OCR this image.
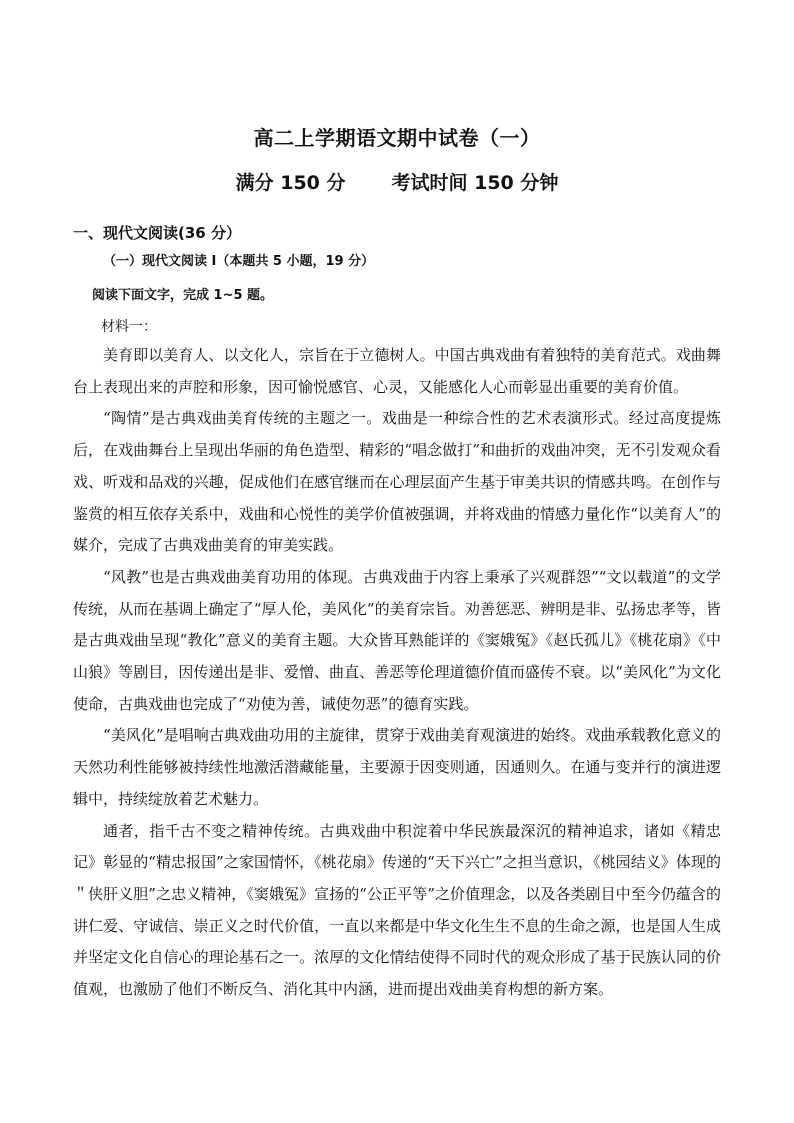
高二上学期语文期中试卷（一）
满分 150 分 考试时间 150 分钟
一、现代文阅读(36 分）
（一）现代文阅读 I（本题共 5 小题，19 分）
阅读下面文字，完成 1~5 题。
材料一：

美育即以美育人、以文化人，宗旨在于立德树人。中国古典戏曲有着独特的美育范式。戏曲舞台上表现出来的声腔和形象，因可愉悦感官、心灵，又能感化人心而彰显出重要的美育价值。

“陶情”是古典戏曲美育传统的主题之一。戏曲是一种综合性的艺术表演形式。经过高度提炼后，在戏曲舞台上呈现出华丽的角色造型、精彩的“唱念做打”和曲折的戏曲冲突，无不引发观众看戏、听戏和品戏的兴趣，促成他们在感官继而在心理层面产生基于审美共识的情感共鸣。在创作与鉴赏的相互依存关系中，戏曲和心悦性的美学价值被强调，并将戏曲的情感力量化作“以美育人”的媒介，完成了古典戏曲美育的审美实践。

“风教”也是古典戏曲美育功用的体现。古典戏曲于内容上秉承了兴观群怨”“文以载道”的文学传统，从而在基调上确定了“厚人伦，美风化”的美育宗旨。劝善惩恶、辨明是非、弘扬忠孝等，皆是古典戏曲呈现“教化”意义的美育主题。大众皆耳熟能详的《窦娥冤》《赵氏孤儿》《桃花扇》《中山狼》等剧目，因传递出是非、爱憎、曲直、善恶等伦理道德价值而盛传不衰。以“美风化”为文化使命，古典戏曲也完成了“劝使为善，诫使勿恶”的德育实践。

“美风化”是唱响古典戏曲功用的主旋律，贯穿于戏曲美育观演进的始终。戏曲承载教化意义的天然功利性能够被持续性地激活潜藏能量，主要源于因变则通，因通则久。在通与变并行的演进逻辑中，持续绽放着艺术魅力。

通者，指千古不变之精神传统。古典戏曲中积淀着中华民族最深沉的精神追求，诸如《精忠记》彰显的“精忠报国”之家国情怀，《桃花扇》传递的“天下兴亡”之担当意识，《桃园结义》体现的＂侠肝义胆”之忠义精神，《窦娥冤》宣扬的“公正平等”之价值理念，以及各类剧目中至今仍蕴含的讲仁爱、守诚信、崇正义之时代价值，一直以来都是中华文化生生不息的生命之源，也是国人生成并坚定文化自信心的理论基石之一。浓厚的文化情结使得不同时代的观众形成了基于民族认同的价值观，也激励了他们不断反刍、消化其中内涵，进而提出戏曲美育构想的新方案。
